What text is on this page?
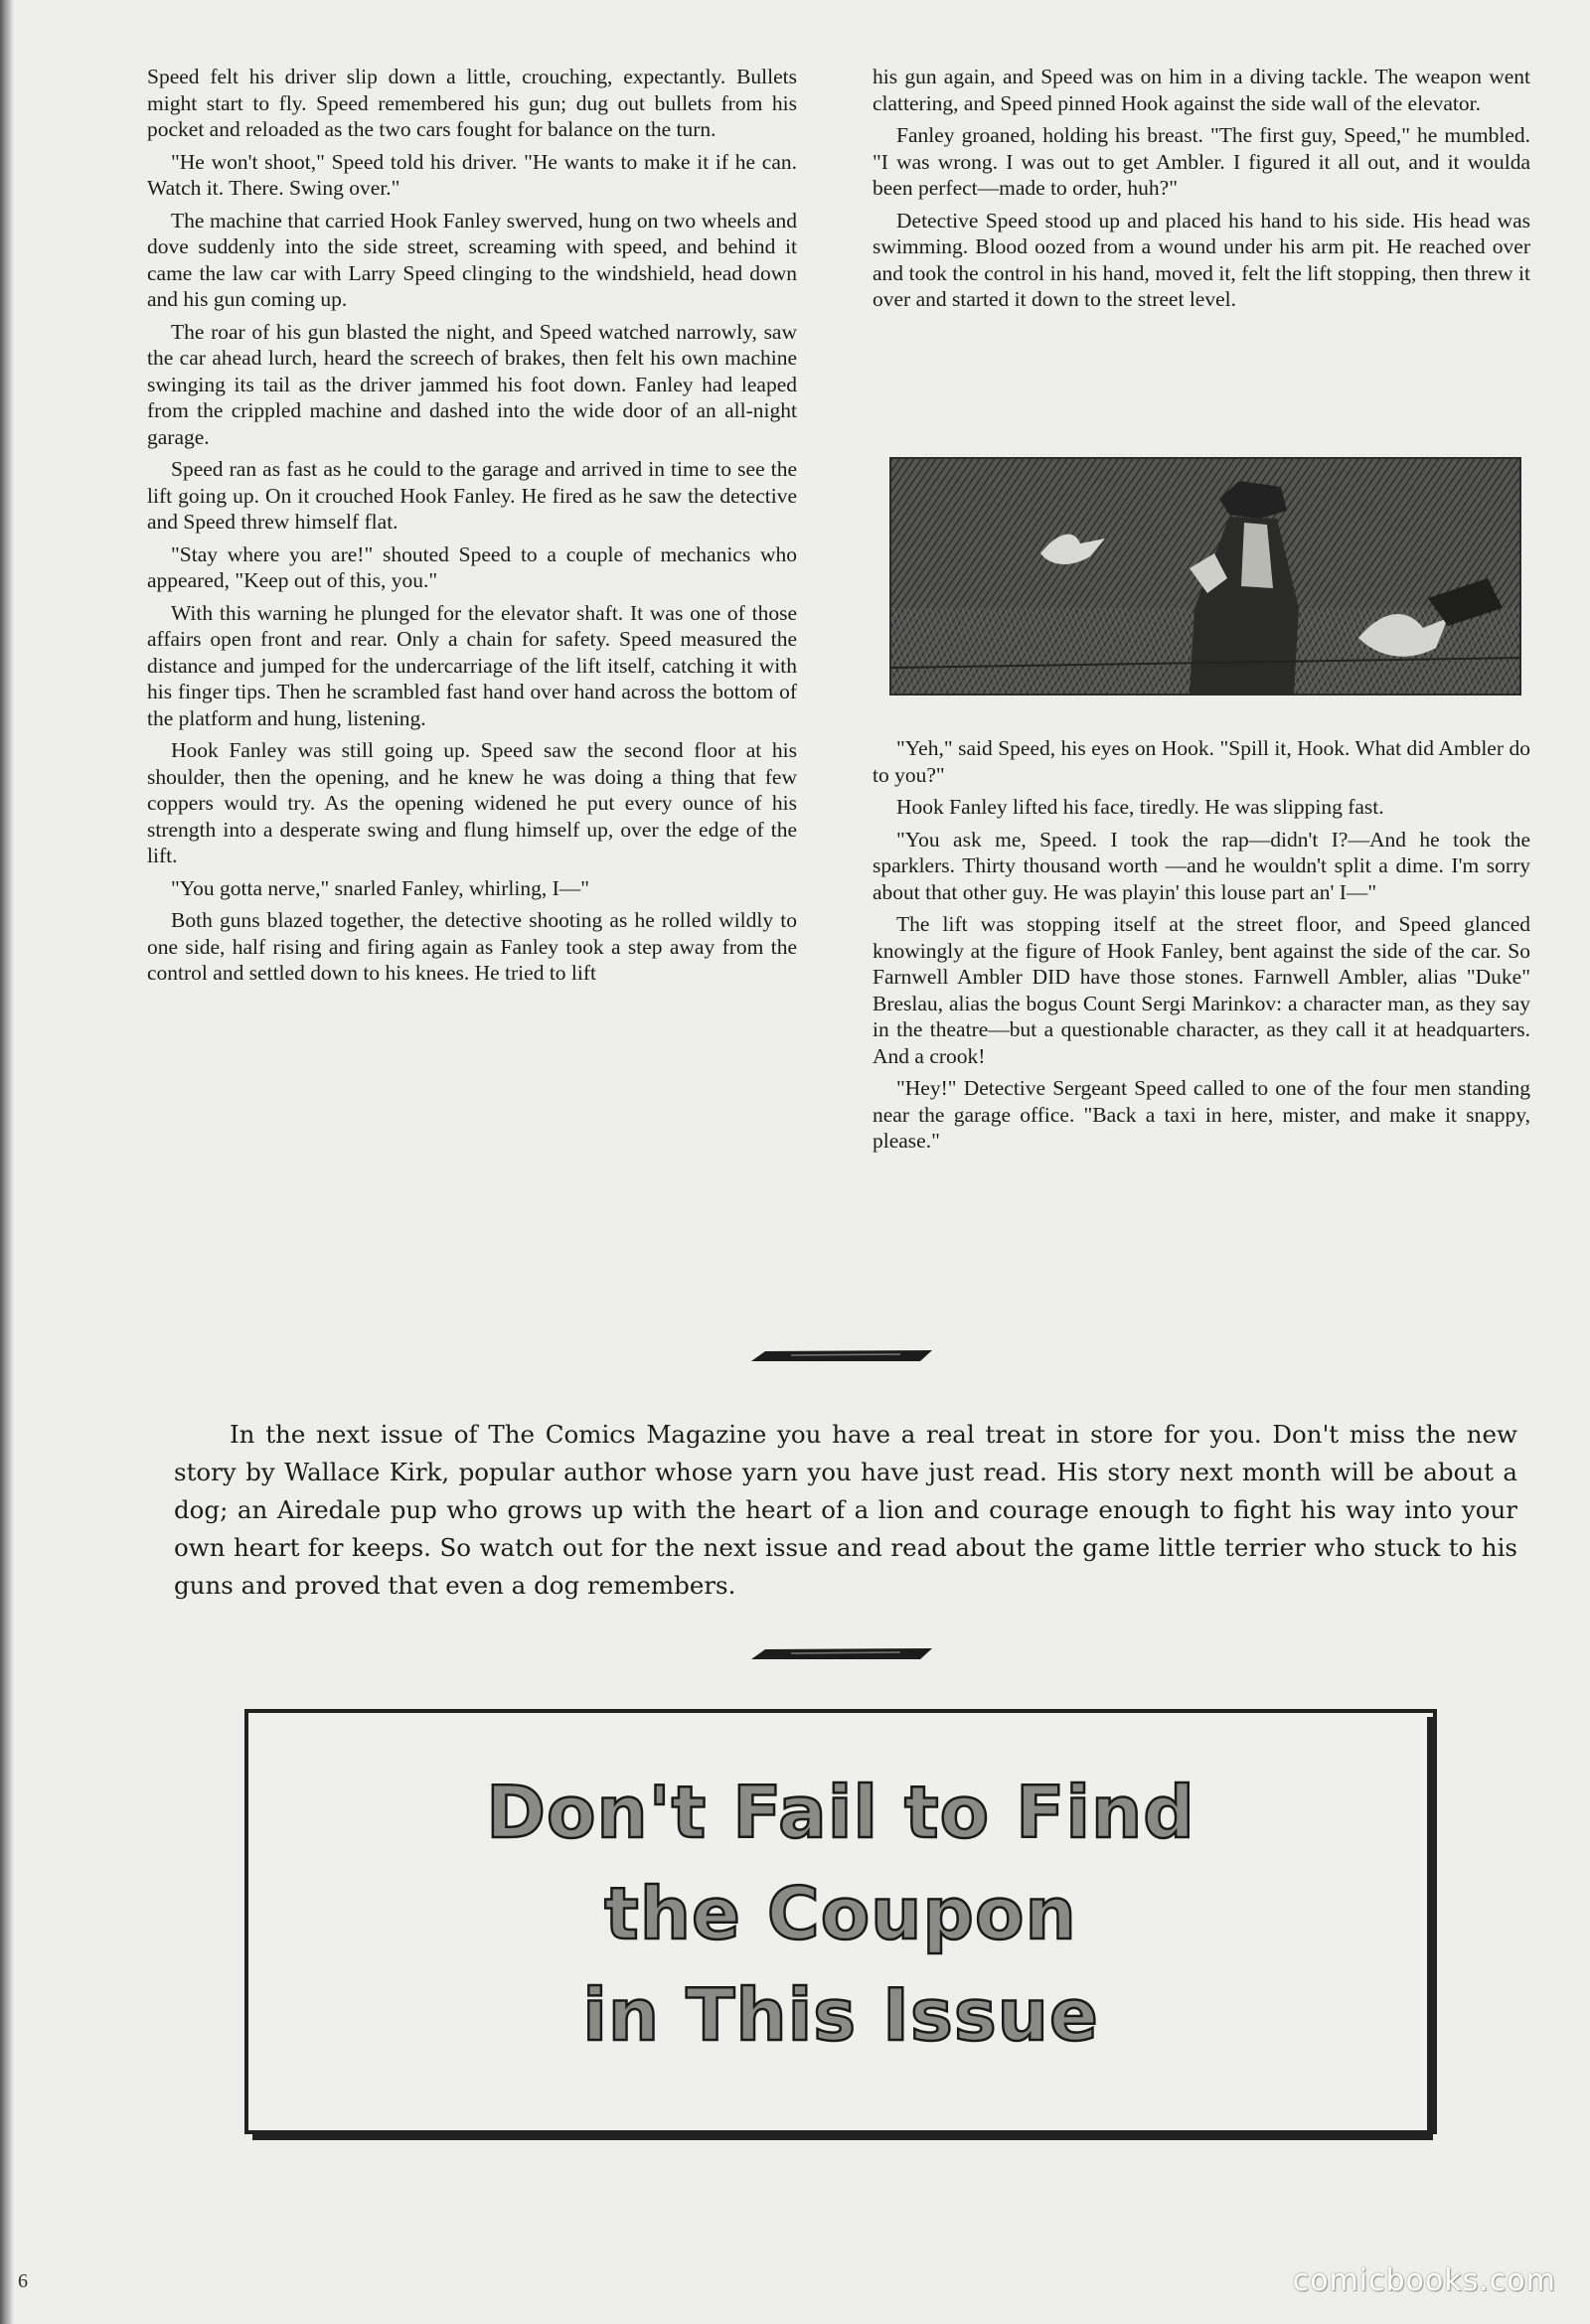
Speed felt his driver slip down a little, crouching, expectantly. Bullets might start to fly. Speed remembered his gun; dug out bullets from his pocket and reloaded as the two cars fought for balance on the turn.

"He won't shoot," Speed told his driver. "He wants to make it if he can. Watch it. There. Swing over."

The machine that carried Hook Fanley swerved, hung on two wheels and dove suddenly into the side street, screaming with speed, and behind it came the law car with Larry Speed clinging to the windshield, head down and his gun coming up.

The roar of his gun blasted the night, and Speed watched narrowly, saw the car ahead lurch, heard the screech of brakes, then felt his own machine swinging its tail as the driver jammed his foot down. Fanley had leaped from the crippled machine and dashed into the wide door of an all-night garage.

Speed ran as fast as he could to the garage and arrived in time to see the lift going up. On it crouched Hook Fanley. He fired as he saw the detective and Speed threw himself flat.

"Stay where you are!" shouted Speed to a couple of mechanics who appeared, "Keep out of this, you."

With this warning he plunged for the elevator shaft. It was one of those affairs open front and rear. Only a chain for safety. Speed measured the distance and jumped for the undercarriage of the lift itself, catching it with his finger tips. Then he scrambled fast hand over hand across the bottom of the platform and hung, listening.

Hook Fanley was still going up. Speed saw the second floor at his shoulder, then the opening, and he knew he was doing a thing that few coppers would try. As the opening widened he put every ounce of his strength into a desperate swing and flung himself up, over the edge of the lift.

"You gotta nerve," snarled Fanley, whirling, I—"

Both guns blazed together, the detective shooting as he rolled wildly to one side, half rising and firing again as Fanley took a step away from the control and settled down to his knees. He tried to lift

his gun again, and Speed was on him in a diving tackle. The weapon went clattering, and Speed pinned Hook against the side wall of the elevator.

Fanley groaned, holding his breast. "The first guy, Speed," he mumbled. "I was wrong. I was out to get Ambler. I figured it all out, and it woulda been perfect—made to order, huh?"

Detective Speed stood up and placed his hand to his side. His head was swimming. Blood oozed from a wound under his arm pit. He reached over and took the control in his hand, moved it, felt the lift stopping, then threw it over and started it down to the street level.

"Yeh," said Speed, his eyes on Hook. "Spill it, Hook. What did Ambler do to you?"

Hook Fanley lifted his face, tiredly. He was slipping fast.

"You ask me, Speed. I took the rap—didn't I?—And he took the sparklers. Thirty thousand worth —and he wouldn't split a dime. I'm sorry about that other guy. He was playin' this louse part an' I—"

The lift was stopping itself at the street floor, and Speed glanced knowingly at the figure of Hook Fanley, bent against the side of the car. So Farnwell Ambler DID have those stones. Farnwell Ambler, alias "Duke" Breslau, alias the bogus Count Sergi Marinkov: a character man, as they say in the theatre—but a questionable character, as they call it at headquarters. And a crook!

"Hey!" Detective Sergeant Speed called to one of the four men standing near the garage office. "Back a taxi in here, mister, and make it snappy, please."

In the next issue of The Comics Magazine you have a real treat in store for you. Don't miss the new story by Wallace Kirk, popular author whose yarn you have just read. His story next month will be about a dog; an Airedale pup who grows up with the heart of a lion and courage enough to fight his way into your own heart for keeps. So watch out for the next issue and read about the game little terrier who stuck to his guns and proved that even a dog remembers.

Don't Fail to Find
the Coupon
in This Issue
6	comicbooks.com
